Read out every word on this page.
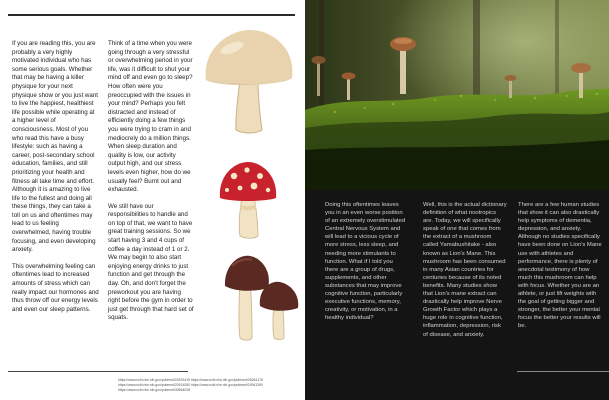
If you are reading this, you are probably a very highly motivated individual who has some serious goals. Whether that may be having a killer physique for your next physique show or you just want to live the happiest, healthiest life possible while operating at a higher level of consciousness. Most of you who read this have a busy lifestyle: such as having a career, post-secondary school education, families, and still prioritizing your health and fitness all take time and effort. Although it is amazing to live life to the fullest and doing all these things, they can take a toll on us and oftentimes may lead to us feeling overwhelmed, having trouble focusing, and even developing anxiety.

This overwhelming feeling can oftentimes lead to increased amounts of stress which can really impact our hormones and thus throw off our energy levels and even our sleep patterns.

Think of a time when you were going through a very stressful or overwhelming period in your life, was it difficult to shut your mind off and even go to sleep? How often were you preoccupied with the issues in your mind? Perhaps you felt distracted and instead of efficiently doing a few things you were trying to cram in and mediocrely do a million things.

When sleep duration and quality is low, our activity output high, and our stress levels even higher, how do we usually feel? Burnt out and exhausted.

We still have our responsibilities to handle and on top of that, we want to have great training sessions. So we start having 3 and 4 cups of coffee a day instead of 1 or 2. We may begin to also start enjoying energy drinks to just function and get through the day. Oh, and don't forget the preworkout you are having right before the gym in order to just get through that hard set of squats.

https://www.ncbi.nlm.nih.gov/pubmed/20492419 https://www.ncbi.nlm.nih.gov/pubmed/26264176
https://www.ncbi.nlm.nih.gov/pubmed/20914080 https://www.ncbi.nlm.nih.gov/pubmed/24941390
https://www.ncbi.nlm.nih.gov/pubmed/30664028

Doing this oftentimes leaves you in an even worse position of an extremely overstimulated Central Nervous System and will lead to a vicious cycle of more stress, less sleep, and needing more stimulants to function. What if I told you there are a group of drugs, supplements, and other substances that may improve cognitive function, particularly executive functions, memory, creativity, or motivation, in a healthy individual?

Well, this is the actual dictionary definition of what nootropics are. Today, we will specifically speak of one that comes from the extract of a mushroom called Yamabushitake - also known as Lion's Mane. This mushroom has been consumed in many Asian countries for centuries because of its noted benefits. Many studies show that Lion's mane extract can drastically help improve Nerve Growth Factor which plays a huge role in cognitive function, inflammation, depression, risk of disease, and anxiety.

There are a few human studies that show it can also drastically help symptoms of dementia, depression, and anxiety. Although no studies specifically have been done on Lion's Mane use with athletes and performance, there is plenty of anecdotal testimony of how much this mushroom can help with focus. Whether you are an athlete, or just lift weights with the goal of getting bigger and stronger, the better your mental focus the better your results will be.
